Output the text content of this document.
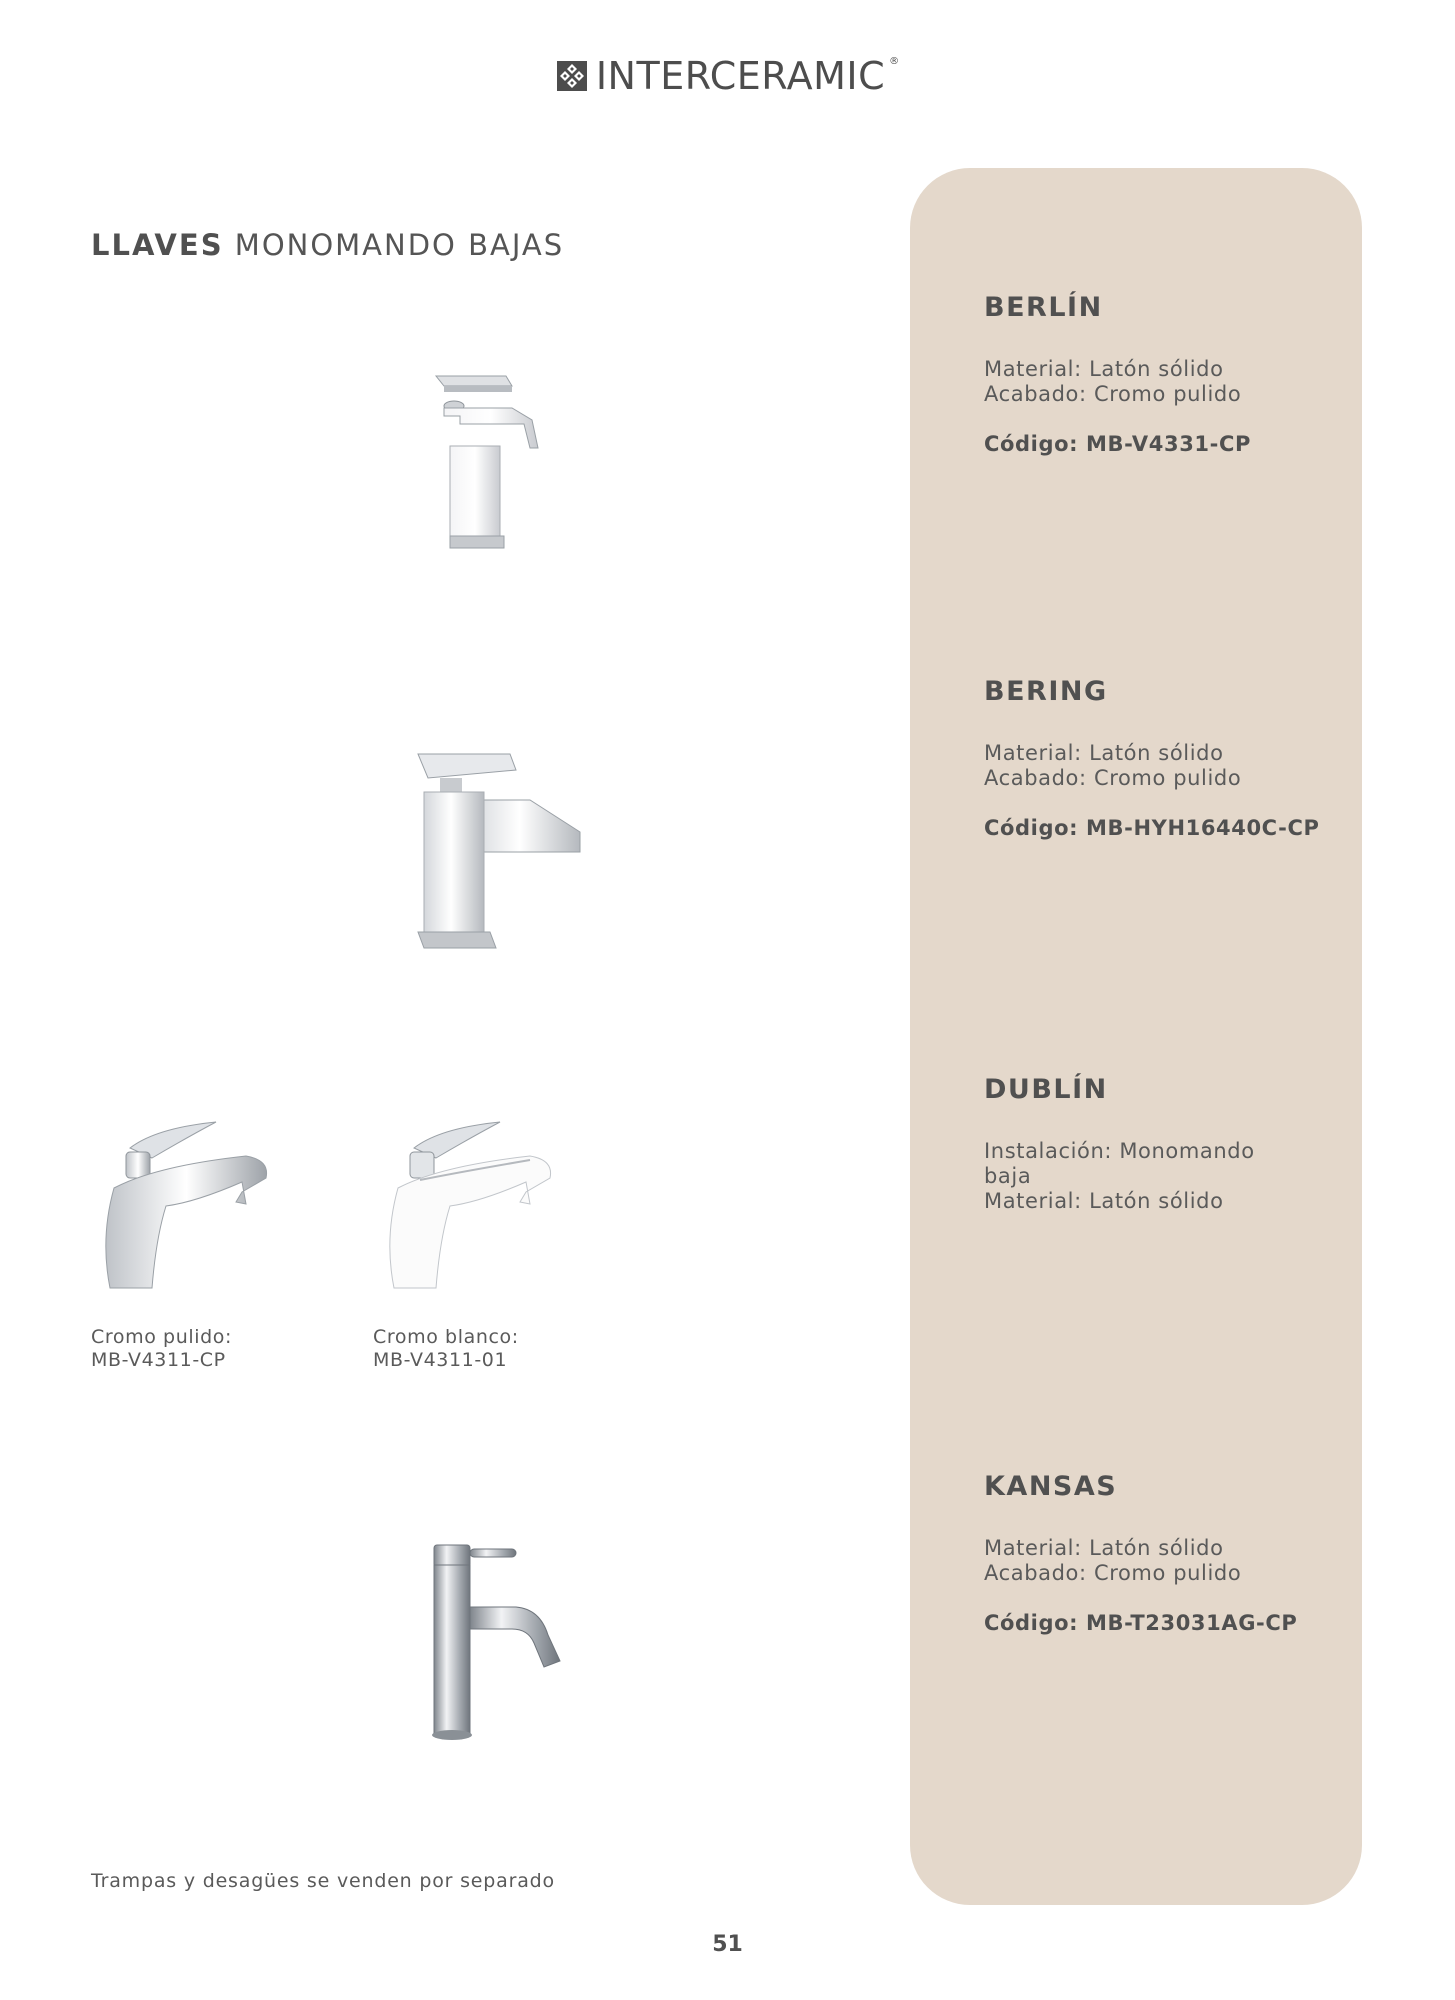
INTERCERAMIC ®
LLAVES MONOMANDO BAJAS
BERLÍN
Material: Latón sólido
Acabado: Cromo pulido
Código: MB-V4331-CP
BERING
Material: Latón sólido
Acabado: Cromo pulido
Código: MB-HYH16440C-CP
DUBLÍN
Instalación: Monomando
baja
Material: Latón sólido
KANSAS
Material: Latón sólido
Acabado: Cromo pulido
Código: MB-T23031AG-CP
Cromo pulido:
MB-V4311-CP
Cromo blanco:
MB-V4311-01
Trampas y desagües se venden por separado
51
